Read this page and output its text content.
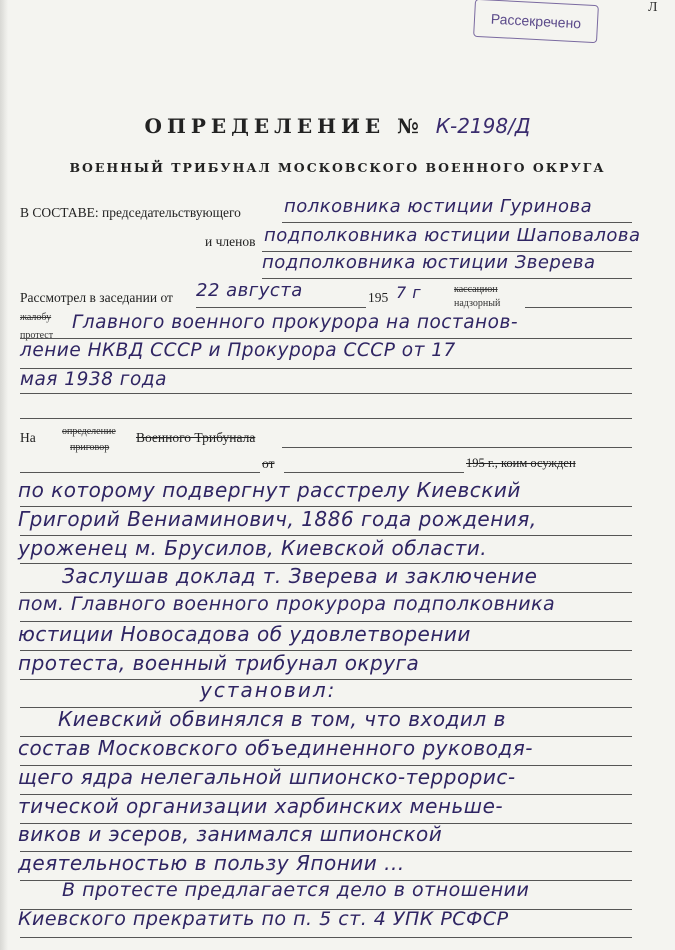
Л
Рассекречено
ОПРЕДЕЛЕНИЕ № К-2198/Д
ВОЕННЫЙ ТРИБУНАЛ МОСКОВСКОГО ВОЕННОГО ОКРУГА
В СОСТАВЕ: председательствующего полковника юстиции Гуринова
и членов подполковника юстиции Шаповалова
подполковника юстиции Зверева
Рассмотрел в заседании от 22 августа	195 7 г	кассацион
надзорный
жалобу
протест
Главного военного прокурора на постанов-
ление НКВД СССР и Прокурора СССР от 17
мая 1938 года
На	определение
приговор
Военного Трибунала
от	195 г., коим осужден
по которому подвергнут расстрелу Киевский
Григорий Вениаминович, 1886 года рождения,
уроженец м. Брусилов, Киевской области.
Заслушав доклад т. Зверева и заключение
пом. Главного военного прокурора подполковника
юстиции Новосадова об удовлетворении
протеста, военный трибунал округа
установил:
Киевский обвинялся в том, что входил в
состав Московского объединенного руководя-
щего ядра нелегальной шпионско-террорис-
тической организации харбинских меньше-
виков и эсеров, занимался шпионской
деятельностью в пользу Японии ...
В протесте предлагается дело в отношении
Киевского прекратить по п. 5 ст. 4 УПК РСФСР
